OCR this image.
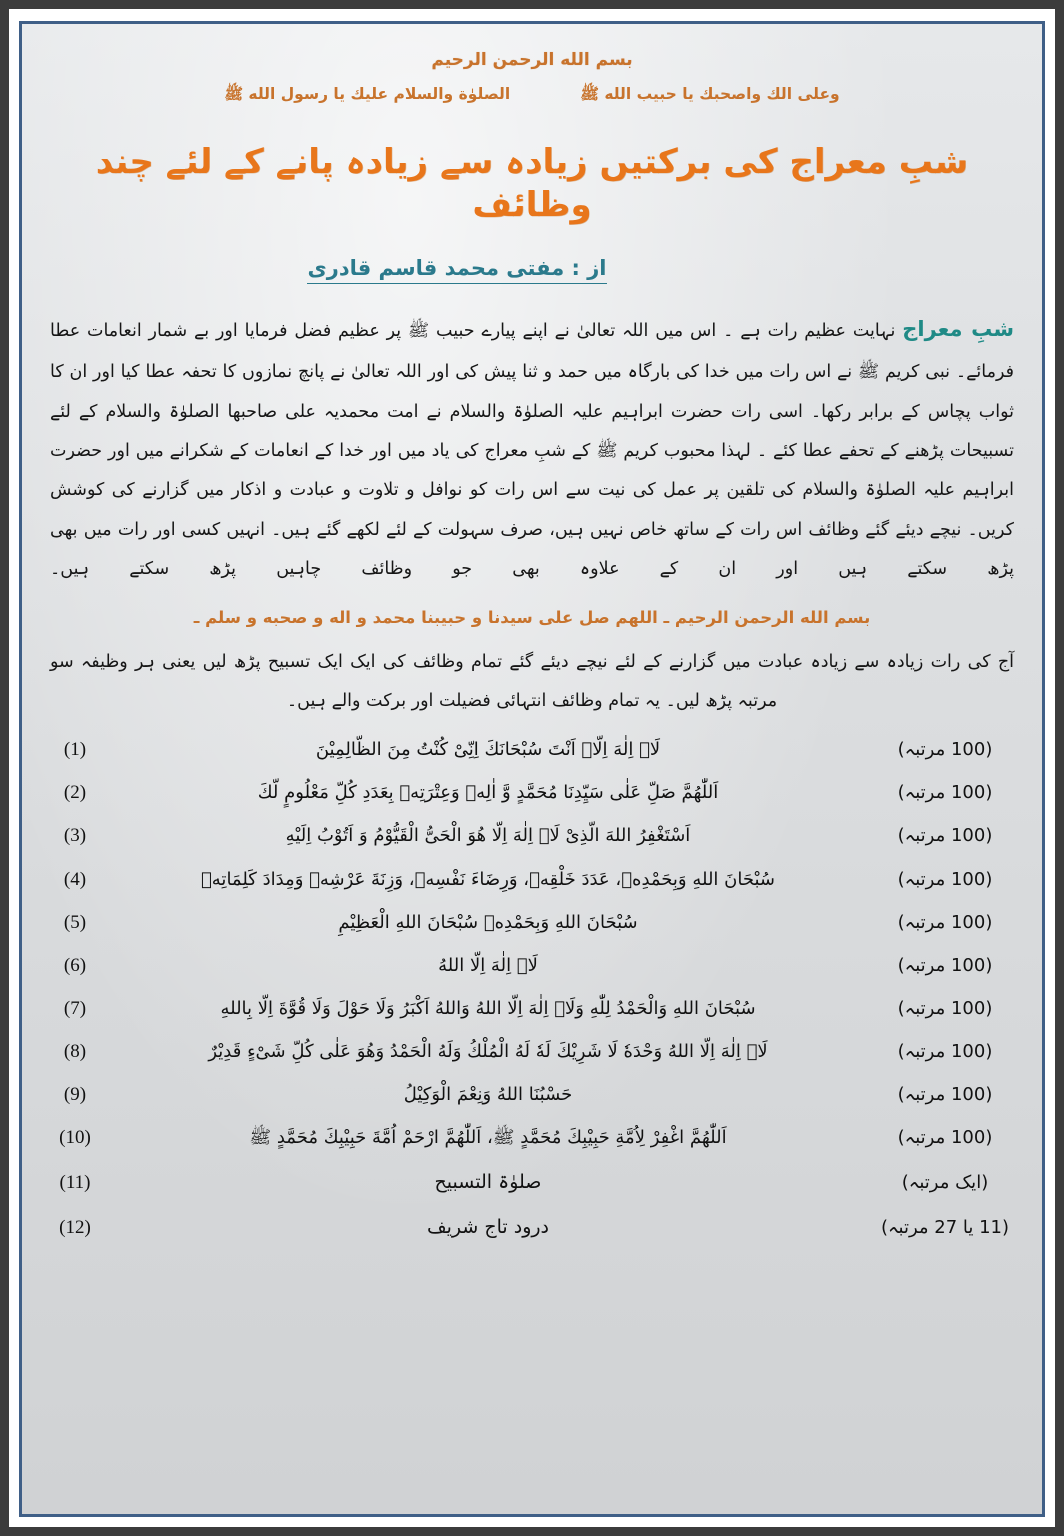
بسم الله الرحمن الرحيم
وعلى الك واصحبك يا حبيب الله ﷺ
الصلوٰة والسلام عليك يا رسول الله ﷺ
شبِ معراج کی برکتیں زیادہ سے زیادہ پانے کے لئے چند وظائف
از : مفتی محمد قاسم قادری
شبِ معراج نہایت عظیم رات ہے ۔ اس میں اللہ تعالیٰ نے اپنے پیارے حبیب ﷺ پر عظیم فضل فرمایا اور بے شمار انعامات عطا فرمائے۔ نبی کریم ﷺ نے اس رات میں خدا کی بارگاہ میں حمد و ثنا پیش کی اور اللہ تعالیٰ نے پانچ نمازوں کا تحفہ عطا کیا اور ان کا ثواب پچاس کے برابر رکھا۔ اسی رات حضرت ابراہیم علیہ الصلوٰۃ والسلام نے امت محمدیہ علی صاحبھا الصلوٰۃ والسلام کے لئے تسبیحات پڑھنے کے تحفے عطا کئے ۔ لہذا محبوب کریم ﷺ کے شبِ معراج کی یاد میں اور خدا کے انعامات کے شکرانے میں اور حضرت ابراہیم علیہ الصلوٰۃ والسلام کی تلقین پر عمل کی نیت سے اس رات کو نوافل و تلاوت و عبادت و اذکار میں گزارنے کی کوشش کریں۔ نیچے دیئے گئے وظائف اس رات کے ساتھ خاص نہیں ہیں، صرف سہولت کے لئے لکھے گئے ہیں۔ انہیں کسی اور رات میں بھی پڑھ سکتے ہیں اور ان کے علاوہ بھی جو وظائف چاہیں پڑھ سکتے ہیں۔
بسم الله الرحمن الرحيم ـ اللهم صل على سيدنا و حبيبنا محمد و اله و صحبه و سلم ـ
آج کی رات زیادہ سے زیادہ عبادت میں گزارنے کے لئے نیچے دیئے گئے تمام وظائف کی ایک ایک تسبیح پڑھ لیں یعنی ہر وظیفہ سو مرتبہ پڑھ لیں۔ یہ تمام وظائف انتہائی فضیلت اور برکت والے ہیں۔
(100 مرتبہ)
لَاۤ اِلٰهَ اِلَّاۤ اَنْتَ سُبْحَانَكَ اِنِّىْ كُنْتُ مِنَ الظَّالِمِيْنَ
(1)
(100 مرتبہ)
اَللّٰهُمَّ صَلِّ عَلٰى سَيِّدِنَا مُحَمَّدٍ وَّ اٰلِهٖ وَعِتْرَتِهٖ بِعَدَدِ كُلِّ مَعْلُومٍ لَّكَ
(2)
(100 مرتبہ)
اَسْتَغْفِرُ اللهَ الَّذِىْ لَاۤ اِلٰهَ اِلَّا هُوَ الْحَىُّ الْقَيُّوْمُ وَ اَتُوْبُ اِلَيْهِ
(3)
(100 مرتبہ)
سُبْحَانَ اللهِ وَبِحَمْدِهٖ، عَدَدَ خَلْقِهٖ، وَرِضَاءَ نَفْسِهٖ، وَزِنَةَ عَرْشِهٖ وَمِدَادَ كَلِمَاتِهٖ
(4)
(100 مرتبہ)
سُبْحَانَ اللهِ وَبِحَمْدِهٖ سُبْحَانَ اللهِ الْعَظِيْمِ
(5)
(100 مرتبہ)
لَاۤ اِلٰهَ اِلَّا اللهُ
(6)
(100 مرتبہ)
سُبْحَانَ اللهِ وَالْحَمْدُ لِلّٰهِ وَلَاۤ اِلٰهَ اِلَّا اللهُ وَاللهُ اَكْبَرُ وَلَا حَوْلَ وَلَا قُوَّةَ اِلَّا بِاللهِ
(7)
(100 مرتبہ)
لَاۤ اِلٰهَ اِلَّا اللهُ وَحْدَهٗ لَا شَرِيْكَ لَهٗ لَهُ الْمُلْكُ وَلَهُ الْحَمْدُ وَهُوَ عَلٰى كُلِّ شَىْءٍ قَدِيْرٌ
(8)
(100 مرتبہ)
حَسْبُنَا اللهُ وَنِعْمَ الْوَكِيْلُ
(9)
(100 مرتبہ)
اَللّٰهُمَّ اغْفِرْ لِاُمَّةِ حَبِيْبِكَ مُحَمَّدٍ ﷺ، اَللّٰهُمَّ ارْحَمْ اُمَّةَ حَبِيْبِكَ مُحَمَّدٍ ﷺ
(10)
(ایک مرتبہ)
صلوٰۃ التسبیح
(11)
(11 یا 27 مرتبہ)
درود تاج شریف
(12)
